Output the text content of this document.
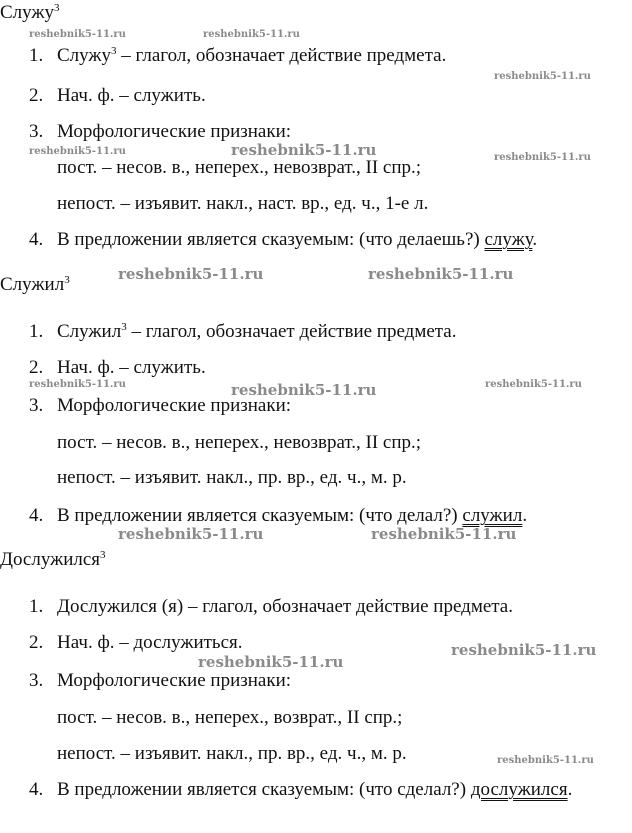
Служу$^3$
1. Служу$^3$ – глагол, обозначает действие предмета.
2. Нач. ф. – служить.
3. Морфологические признаки:
пост. – несов. в., неперех., невозврат., II спр.;
непост. – изъявит. накл., наст. вр., ед. ч., 1-е л.
4. В предложении является сказуемым: (что делаешь?) служу.
Служил$^3$
1. Служил$^3$ – глагол, обозначает действие предмета.
2. Нач. ф. – служить.
3. Морфологические признаки:
пост. – несов. в., неперех., невозврат., II спр.;
непост. – изъявит. накл., пр. вр., ед. ч., м. р.
4. В предложении является сказуемым: (что делал?) служил.
Дослужился$^3$
1. Дослужился (я) – глагол, обозначает действие предмета.
2. Нач. ф. – дослужиться.
3. Морфологические признаки:
пост. – несов. в., неперех., возврат., II спр.;
непост. – изъявит. накл., пр. вр., ед. ч., м. р.
4. В предложении является сказуемым: (что сделал?) дослужился.
reshebnik5-11.ru	reshebnik5-11.ru
reshebnik5-11.ru
reshebnik5-11.ru	reshebnik5-11.ru	reshebnik5-11.ru
reshebnik5-11.ru	reshebnik5-11.ru
reshebnik5-11.ru	reshebnik5-11.ru	reshebnik5-11.ru
reshebnik5-11.ru	reshebnik5-11.ru
reshebnik5-11.ru
reshebnik5-11.ru
reshebnik5-11.ru
